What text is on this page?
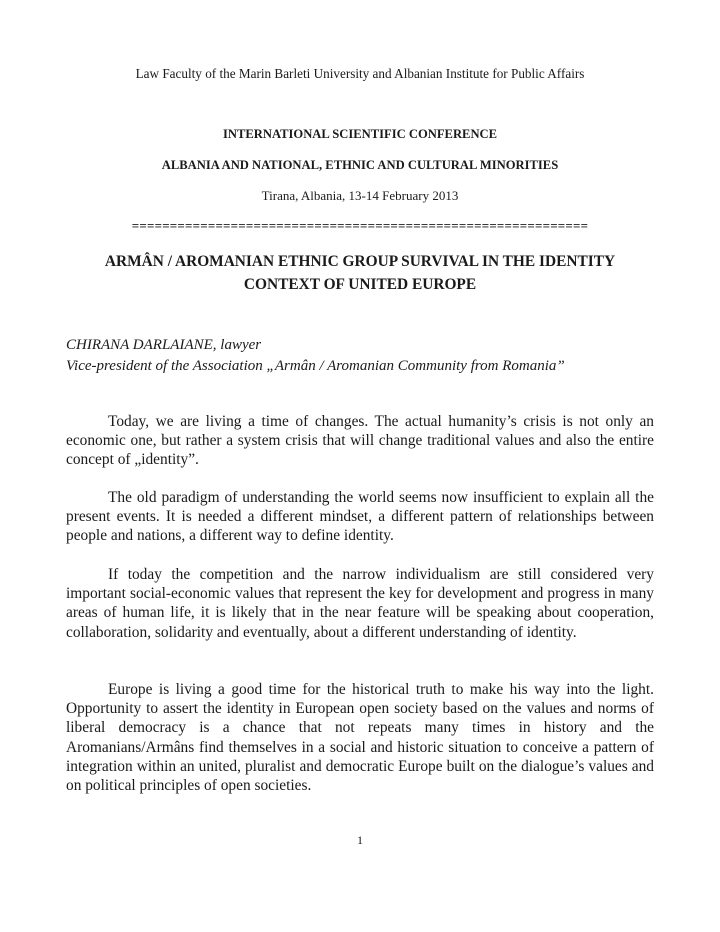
Law Faculty of the Marin Barleti University and Albanian Institute for Public Affairs
INTERNATIONAL SCIENTIFIC CONFERENCE
ALBANIA AND NATIONAL, ETHNIC AND CULTURAL MINORITIES
Tirana, Albania, 13-14 February 2013
============================================================
ARMÂN / AROMANIAN ETHNIC GROUP SURVIVAL IN THE IDENTITY
CONTEXT OF UNITED EUROPE
CHIRANA DARLAIANE, lawyer
Vice-president of the Association „Armân / Aromanian Community from Romania”

Today, we are living a time of changes. The actual humanity’s crisis is not only an economic one, but rather a system crisis that will change traditional values and also the entire concept of „identity”.

The old paradigm of understanding the world seems now insufficient to explain all the present events. It is needed a different mindset, a different pattern of relationships between people and nations, a different way to define identity.

If today the competition and the narrow individualism are still considered very important social-economic values that represent the key for development and progress in many areas of human life, it is likely that in the near feature will be speaking about cooperation, collaboration, solidarity and eventually, about a different understanding of identity.

Europe is living a good time for the historical truth to make his way into the light. Opportunity to assert the identity in European open society based on the values and norms of liberal democracy is a chance that not repeats many times in history and the Aromanians/Armâns find themselves in a social and historic situation to conceive a pattern of integration within an united, pluralist and democratic Europe built on the dialogue’s values and on political principles of open societies.

1
